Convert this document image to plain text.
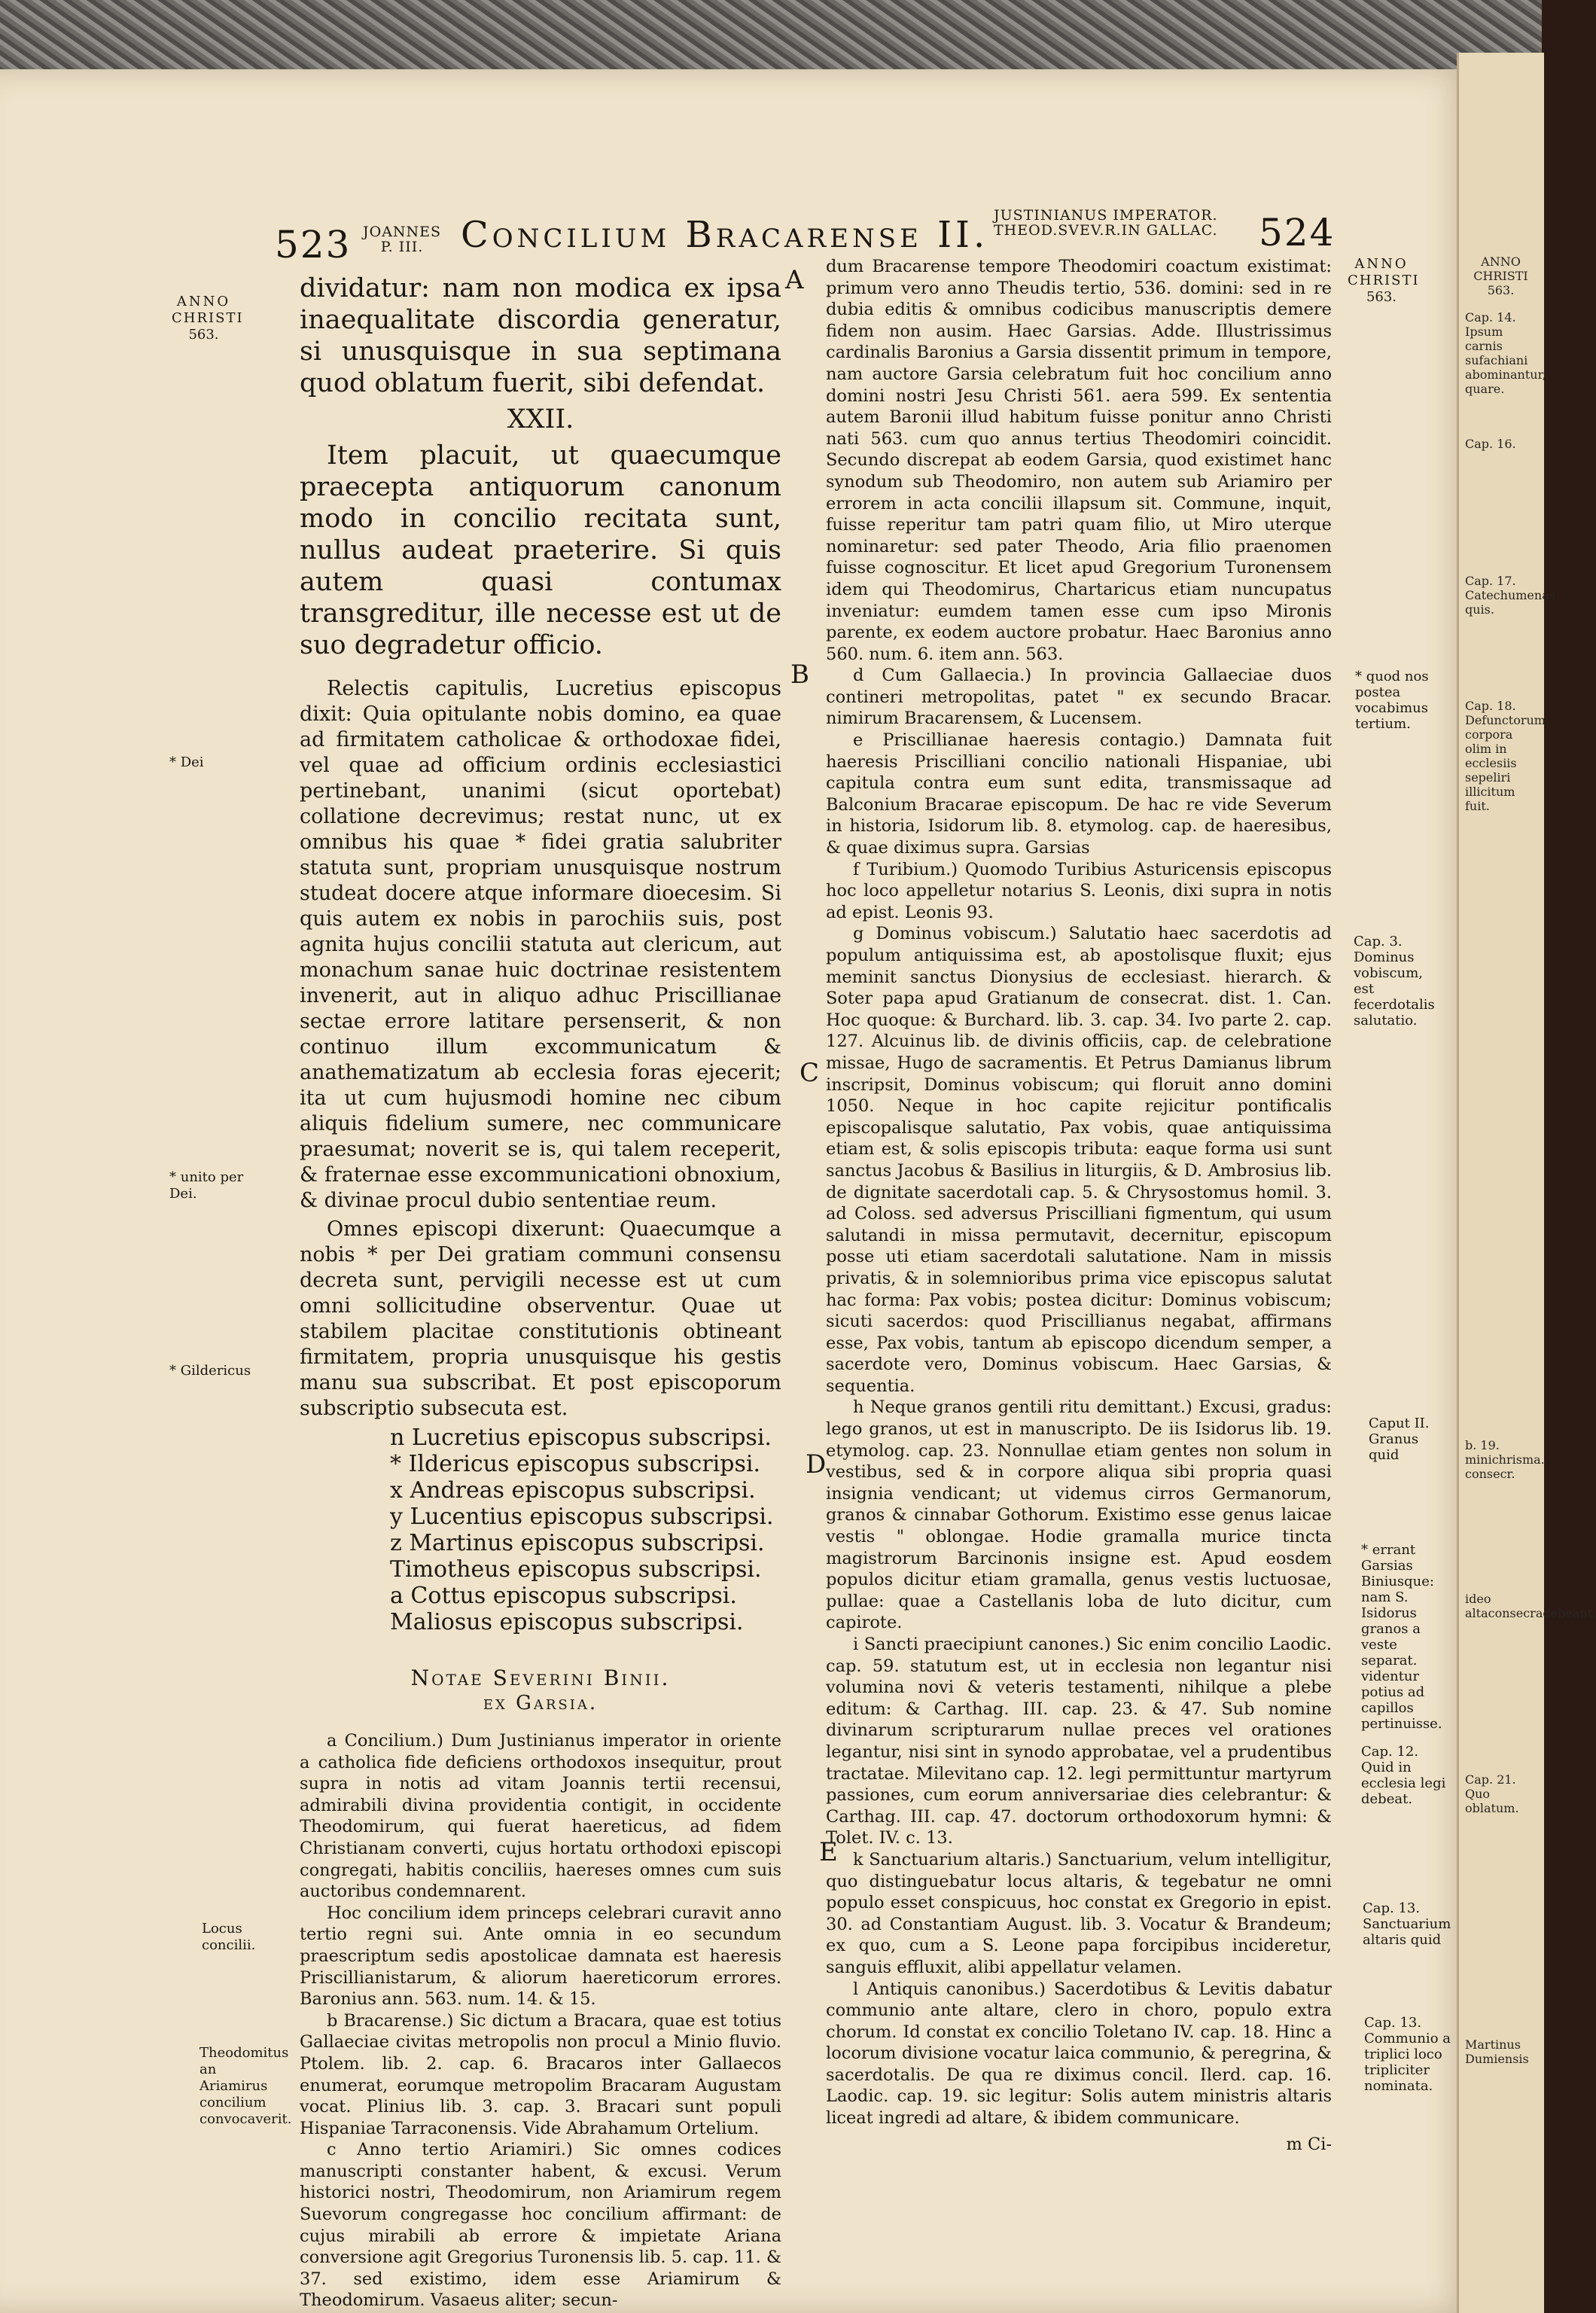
523 JOANNES
P. III.	Concilium Bracarense II. JUSTINIANUS IMPERATOR.
THEOD.SVEV.R.IN GALLAC. 524
ANNO
CHRISTI
563.
* Dei
* unito per Dei.
* Gildericus
Locus concilii.
Theodomitus an Ariamirus concilium convocaverit.

dividatur: nam non modica ex ipsa inaequalitate discordia generatur, si unusquisque in sua septimana quod oblatum fuerit, sibi defendat.

XXII.

Item placuit, ut quaecumque praecepta antiquorum canonum modo in concilio recitata sunt, nullus audeat praeterire. Si quis autem quasi contumax transgreditur, ille necesse est ut de suo degradetur officio.

Relectis capitulis, Lucretius episcopus dixit: Quia opitulante nobis domino, ea quae ad firmitatem catholicae & orthodoxae fidei, vel quae ad officium ordinis ecclesiastici pertinebant, unanimi (sicut oportebat) collatione decrevimus; restat nunc, ut ex omnibus his quae * fidei gratia salubriter statuta sunt, propriam unusquisque nostrum studeat docere atque informare dioecesim. Si quis autem ex nobis in parochiis suis, post agnita hujus concilii statuta aut clericum, aut monachum sanae huic doctrinae resistentem invenerit, aut in aliquo adhuc Priscillianae sectae errore latitare persenserit, & non continuo illum excommunicatum & anathematizatum ab ecclesia foras ejecerit; ita ut cum hujusmodi homine nec cibum aliquis fidelium sumere, nec communicare praesumat; noverit se is, qui talem receperit, & fraternae esse excommunicationi obnoxium, & divinae procul dubio sententiae reum.

Omnes episcopi dixerunt: Quaecumque a nobis * per Dei gratiam communi consensu decreta sunt, pervigili necesse est ut cum omni sollicitudine observentur. Quae ut stabilem placitae constitutionis obtineant firmitatem, propria unusquisque his gestis manu sua subscribat. Et post episcoporum subscriptio subsecuta est.

n Lucretius episcopus subscripsi.

* Ildericus episcopus subscripsi.

x Andreas episcopus subscripsi.

y Lucentius episcopus subscripsi.

z Martinus episcopus subscripsi.

Timotheus episcopus subscripsi.

a Cottus episcopus subscripsi.

Maliosus episcopus subscripsi.

Notae Severini Binii.

ex Garsia.

a Concilium.) Dum Justinianus imperator in oriente a catholica fide deficiens orthodoxos insequitur, prout supra in notis ad vitam Joannis tertii recensui, admirabili divina providentia contigit, in occidente Theodomirum, qui fuerat haereticus, ad fidem Christianam converti, cujus hortatu orthodoxi episcopi congregati, habitis conciliis, haereses omnes cum suis auctoribus condemnarent.

Hoc concilium idem princeps celebrari curavit anno tertio regni sui. Ante omnia in eo secundum praescriptum sedis apostolicae damnata est haeresis Priscillianistarum, & aliorum haereticorum errores. Baronius ann. 563. num. 14. & 15.

b Bracarense.) Sic dictum a Bracara, quae est totius Gallaeciae civitas metropolis non procul a Minio fluvio. Ptolem. lib. 2. cap. 6. Bracaros inter Gallaecos enumerat, eorumque metropolim Bracaram Augustam vocat. Plinius lib. 3. cap. 3. Bracari sunt populi Hispaniae Tarraconensis. Vide Abrahamum Ortelium.

c Anno tertio Ariamiri.) Sic omnes codices manuscripti constanter habent, & excusi. Verum historici nostri, Theodomirum, non Ariamirum regem Suevorum congregasse hoc concilium affirmant: de cujus mirabili ab errore & impietate Ariana conversione agit Gregorius Turonensis lib. 5. cap. 11. & 37. sed existimo, idem esse Ariamirum & Theodomirum. Vasaeus aliter; secun-

A
B
C
D
E

dum Bracarense tempore Theodomiri coactum existimat: primum vero anno Theudis tertio, 536. domini: sed in re dubia editis & omnibus codicibus manuscriptis demere fidem non ausim. Haec Garsias. Adde. Illustrissimus cardinalis Baronius a Garsia dissentit primum in tempore, nam auctore Garsia celebratum fuit hoc concilium anno domini nostri Jesu Christi 561. aera 599. Ex sententia autem Baronii illud habitum fuisse ponitur anno Christi nati 563. cum quo annus tertius Theodomiri coincidit. Secundo discrepat ab eodem Garsia, quod existimet hanc synodum sub Theodomiro, non autem sub Ariamiro per errorem in acta concilii illapsum sit. Commune, inquit, fuisse reperitur tam patri quam filio, ut Miro uterque nominaretur: sed pater Theodo, Aria filio praenomen fuisse cognoscitur. Et licet apud Gregorium Turonensem idem qui Theodomirus, Chartaricus etiam nuncupatus inveniatur: eumdem tamen esse cum ipso Mironis parente, ex eodem auctore probatur. Haec Baronius anno 560. num. 6. item ann. 563.

d Cum Gallaecia.) In provincia Gallaeciae duos contineri metropolitas, patet " ex secundo Bracar. nimirum Bracarensem, & Lucensem.

e Priscillianae haeresis contagio.) Damnata fuit haeresis Priscilliani concilio nationali Hispaniae, ubi capitula contra eum sunt edita, transmissaque ad Balconium Bracarae episcopum. De hac re vide Severum in historia, Isidorum lib. 8. etymolog. cap. de haeresibus, & quae diximus supra. Garsias

f Turibium.) Quomodo Turibius Asturicensis episcopus hoc loco appelletur notarius S. Leonis, dixi supra in notis ad epist. Leonis 93.

g Dominus vobiscum.) Salutatio haec sacerdotis ad populum antiquissima est, ab apostolisque fluxit; ejus meminit sanctus Dionysius de ecclesiast. hierarch. & Soter papa apud Gratianum de consecrat. dist. 1. Can. Hoc quoque: & Burchard. lib. 3. cap. 34. Ivo parte 2. cap. 127. Alcuinus lib. de divinis officiis, cap. de celebratione missae, Hugo de sacramentis. Et Petrus Damianus librum inscripsit, Dominus vobiscum; qui floruit anno domini 1050. Neque in hoc capite rejicitur pontificalis episcopalisque salutatio, Pax vobis, quae antiquissima etiam est, & solis episcopis tributa: eaque forma usi sunt sanctus Jacobus & Basilius in liturgiis, & D. Ambrosius lib. de dignitate sacerdotali cap. 5. & Chrysostomus homil. 3. ad Coloss. sed adversus Priscilliani figmentum, qui usum salutandi in missa permutavit, decernitur, episcopum posse uti etiam sacerdotali salutatione. Nam in missis privatis, & in solemnioribus prima vice episcopus salutat hac forma: Pax vobis; postea dicitur: Dominus vobiscum; sicuti sacerdos: quod Priscillianus negabat, affirmans esse, Pax vobis, tantum ab episcopo dicendum semper, a sacerdote vero, Dominus vobiscum. Haec Garsias, & sequentia.

h Neque granos gentili ritu demittant.) Excusi, gradus: lego granos, ut est in manuscripto. De iis Isidorus lib. 19. etymolog. cap. 23. Nonnullae etiam gentes non solum in vestibus, sed & in corpore aliqua sibi propria quasi insignia vendicant; ut videmus cirros Germanorum, granos & cinnabar Gothorum. Existimo esse genus laicae vestis " oblongae. Hodie gramalla murice tincta magistrorum Barcinonis insigne est. Apud eosdem populos dicitur etiam gramalla, genus vestis luctuosae, pullae: quae a Castellanis loba de luto dicitur, cum capirote.

i Sancti praecipiunt canones.) Sic enim concilio Laodic. cap. 59. statutum est, ut in ecclesia non legantur nisi volumina novi & veteris testamenti, nihilque a plebe editum: & Carthag. III. cap. 23. & 47. Sub nomine divinarum scripturarum nullae preces vel orationes legantur, nisi sint in synodo approbatae, vel a prudentibus tractatae. Milevitano cap. 12. legi permittuntur martyrum passiones, cum eorum anniversariae dies celebrantur: & Carthag. III. cap. 47. doctorum orthodoxorum hymni: & Tolet. IV. c. 13.

k Sanctuarium altaris.) Sanctuarium, velum intelligitur, quo distinguebatur locus altaris, & tegebatur ne omni populo esset conspicuus, hoc constat ex Gregorio in epist. 30. ad Constantiam August. lib. 3. Vocatur & Brandeum; ex quo, cum a S. Leone papa forcipibus incideretur, sanguis effluxit, alibi appellatur velamen.

l Antiquis canonibus.) Sacerdotibus & Levitis dabatur communio ante altare, clero in choro, populo extra chorum. Id constat ex concilio Toletano IV. cap. 18. Hinc a locorum divisione vocatur laica communio, & peregrina, & sacerdotalis. De qua re diximus concil. Ilerd. cap. 16. Laodic. cap. 19. sic legitur: Solis autem ministris altaris liceat ingredi ad altare, & ibidem communicare.

m Ci-

ANNO
CHRISTI
563.
* quod nos postea vocabimus tertium.
Cap. 3. Dominus vobiscum, est fecerdotalis salutatio.
Caput II. Granus quid
* errant Garsias Biniusque: nam S. Isidorus granos a veste separat. videntur potius ad capillos pertinuisse.
Cap. 12. Quid in ecclesia legi debeat.
Cap. 13. Sanctuarium altaris quid
Cap. 13. Communio a triplici loco tripliciter nominata.
ANNO
CHRISTI
563.
Cap. 14. Ipsum carnis sufachiani abominantur, quare.
Cap. 16.
Cap. 17. Catechumenas quis.
Cap. 18. Defunctorum corpora olim in ecclesiis sepeliri illicitum fuit.
b. 19. minichrisma. consecr.
ideo altaconsecradebeant.
Cap. 21. Quo oblatum.
Martinus Dumiensis
